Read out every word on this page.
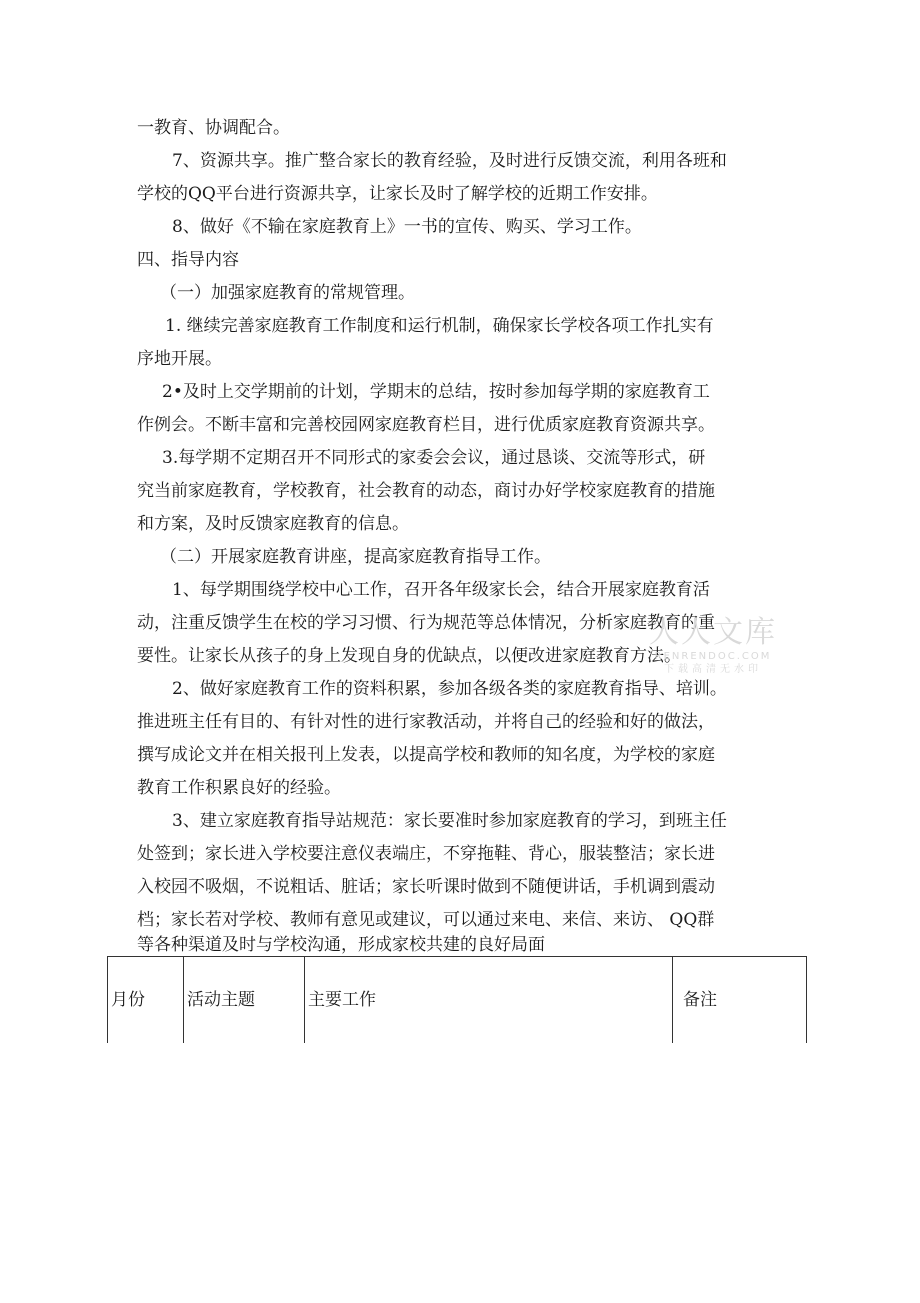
一教育、协调配合。
7、资源共享。推广整合家长的教育经验，及时进行反馈交流，利用各班和
学校的QQ平台进行资源共享，让家长及时了解学校的近期工作安排。
8、做好《不输在家庭教育上》一书的宣传、购买、学习工作。
四、指导内容
（一）加强家庭教育的常规管理。
1. 继续完善家庭教育工作制度和运行机制，确保家长学校各项工作扎实有
序地开展。
2•及时上交学期前的计划，学期末的总结，按时参加每学期的家庭教育工
作例会。不断丰富和完善校园网家庭教育栏目，进行优质家庭教育资源共享。
3.每学期不定期召开不同形式的家委会会议，通过恳谈、交流等形式，研
究当前家庭教育，学校教育，社会教育的动态，商讨办好学校家庭教育的措施
和方案，及时反馈家庭教育的信息。
（二）开展家庭教育讲座，提高家庭教育指导工作。
1、每学期围绕学校中心工作，召开各年级家长会，结合开展家庭教育活
动，注重反馈学生在校的学习习惯、行为规范等总体情况，分析家庭教育的重
要性。让家长从孩子的身上发现自身的优缺点，以便改进家庭教育方法。
2、做好家庭教育工作的资料积累，参加各级各类的家庭教育指导、培训。
推进班主任有目的、有针对性的进行家教活动，并将自己的经验和好的做法，
撰写成论文并在相关报刊上发表，以提高学校和教师的知名度，为学校的家庭
教育工作积累良好的经验。
3、建立家庭教育指导站规范：家长要准时参加家庭教育的学习，到班主任
处签到；家长进入学校要注意仪表端庄，不穿拖鞋、背心，服装整洁；家长进
入校园不吸烟，不说粗话、脏话；家长听课时做到不随便讲话，手机调到震动
档；家长若对学校、教师有意见或建议，可以通过来电、来信、来访、 QQ群
等各种渠道及时与学校沟通，形成家校共建的良好局面
人人文库
RENRENDOC.COM
下载高清无水印
月份	活动主题	主要工作	备注
